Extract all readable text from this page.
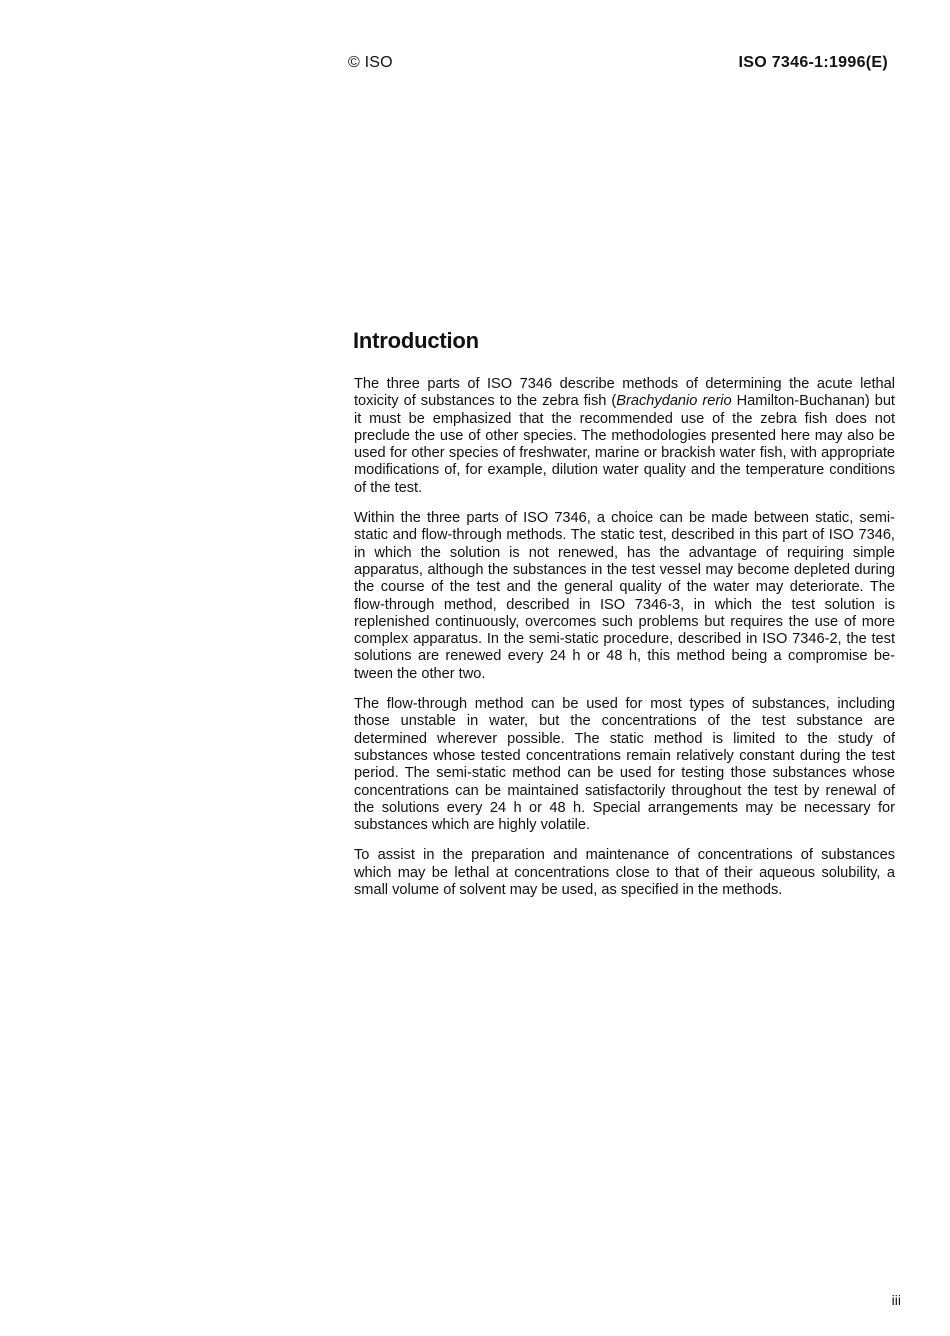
© ISO	ISO 7346-1:1996(E)
Introduction

The three parts of ISO 7346 describe methods of determining the acute lethal toxicity of substances to the zebra fish (Brachydanio rerio Hamilton-Buchanan) but it must be emphasized that the recommended use of the zebra fish does not preclude the use of other species. The methodologies presented here may also be used for other species of freshwater, marine or brackish water fish, with appropriate modifications of, for example, dilution water quality and the temperature conditions of the test.

Within the three parts of ISO 7346, a choice can be made between static, semi-static and flow-through methods. The static test, described in this part of ISO 7346, in which the solution is not renewed, has the advantage of requiring simple apparatus, although the substances in the test vessel may become depleted during the course of the test and the general quality of the water may deteriorate. The flow-through method, described in ISO 7346-3, in which the test solution is replenished continuously, overcomes such problems but requires the use of more complex apparatus. In the semi-static procedure, described in ISO 7346-2, the test solutions are renewed every 24 h or 48 h, this method being a compromise between the other two.

The flow-through method can be used for most types of substances, including those unstable in water, but the concentrations of the test substance are determined wherever possible. The static method is limited to the study of substances whose tested concentrations remain relatively constant during the test period. The semi-static method can be used for testing those substances whose concentrations can be maintained satisfactorily throughout the test by renewal of the solutions every 24 h or 48 h. Special arrangements may be necessary for substances which are highly volatile.

To assist in the preparation and maintenance of concentrations of substances which may be lethal at concentrations close to that of their aqueous solubility, a small volume of solvent may be used, as specified in the methods.

iii
